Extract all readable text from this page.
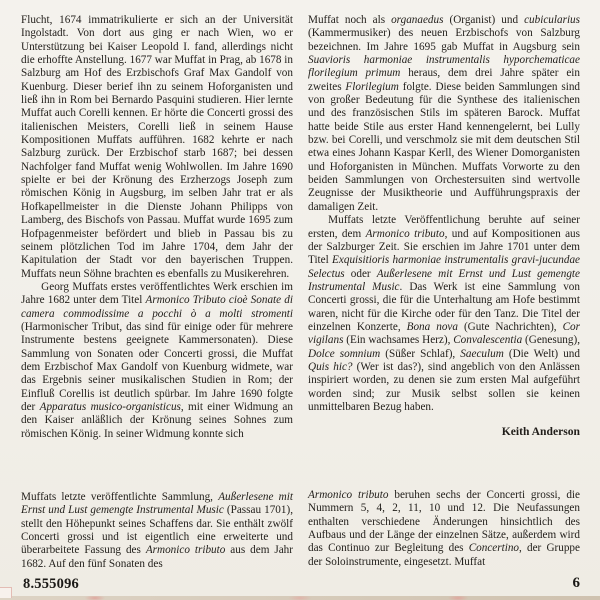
Flucht, 1674 immatrikulierte er sich an der Universität Ingolstadt. Von dort aus ging er nach Wien, wo er Unterstützung bei Kaiser Leopold I. fand, allerdings nicht die erhoffte Anstellung. 1677 war Muffat in Prag, ab 1678 in Salzburg am Hof des Erzbischofs Graf Max Gandolf von Kuenburg. Dieser berief ihn zu seinem Hoforganisten und ließ ihn in Rom bei Bernardo Pasquini studieren. Hier lernte Muffat auch Corelli kennen. Er hörte die Concerti grossi des italienischen Meisters, Corelli ließ in seinem Hause Kompositionen Muffats aufführen. 1682 kehrte er nach Salzburg zurück. Der Erzbischof starb 1687; bei dessen Nachfolger fand Muffat wenig Wohlwollen. Im Jahre 1690 spielte er bei der Krönung des Erzherzogs Joseph zum römischen König in Augsburg, im selben Jahr trat er als Hofkapellmeister in die Dienste Johann Philipps von Lamberg, des Bischofs von Passau. Muffat wurde 1695 zum Hofpagenmeister befördert und blieb in Passau bis zu seinem plötzlichen Tod im Jahre 1704, dem Jahr der Kapitulation der Stadt vor den bayerischen Truppen. Muffats neun Söhne brachten es ebenfalls zu Musikerehren.

Georg Muffats erstes veröffentlichtes Werk erschien im Jahre 1682 unter dem Titel Armonico Tributo cioè Sonate di camera commodissime a pocchi ò a molti stromenti (Harmonischer Tribut, das sind für einige oder für mehrere Instrumente bestens geeignete Kammersonaten). Diese Sammlung von Sonaten oder Concerti grossi, die Muffat dem Erzbischof Max Gandolf von Kuenburg widmete, war das Ergebnis seiner musikalischen Studien in Rom; der Einfluß Corellis ist deutlich spürbar. Im Jahre 1690 folgte der Apparatus musico-organisticus, mit einer Widmung an den Kaiser anläßlich der Krönung seines Sohnes zum römischen König. In seiner Widmung konnte sich

Muffat noch als organaedus (Organist) und cubicularius (Kammermusiker) des neuen Erzbischofs von Salzburg bezeichnen. Im Jahre 1695 gab Muffat in Augsburg sein Suavioris harmoniae instrumentalis hyporchematicae florilegium primum heraus, dem drei Jahre später ein zweites Florilegium folgte. Diese beiden Sammlungen sind von großer Bedeutung für die Synthese des italienischen und des französischen Stils im späteren Barock. Muffat hatte beide Stile aus erster Hand kennengelernt, bei Lully bzw. bei Corelli, und verschmolz sie mit dem deutschen Stil etwa eines Johann Kaspar Kerll, des Wiener Domorganisten und Hoforganisten in München. Muffats Vorworte zu den beiden Sammlungen von Orchestersuiten sind wertvolle Zeugnisse der Musiktheorie und Aufführungspraxis der damaligen Zeit.

Muffats letzte Veröffentlichung beruhte auf seiner ersten, dem Armonico tributo, und auf Kompositionen aus der Salzburger Zeit. Sie erschien im Jahre 1701 unter dem Titel Exquisitioris harmoniae instrumentalis gravi-jucundae Selectus oder Außerlesene mit Ernst und Lust gemengte Instrumental Music. Das Werk ist eine Sammlung von Concerti grossi, die für die Unterhaltung am Hofe bestimmt waren, nicht für die Kirche oder für den Tanz. Die Titel der einzelnen Konzerte, Bona nova (Gute Nachrichten), Cor vigilans (Ein wachsames Herz), Convalescentia (Genesung), Dolce somnium (Süßer Schlaf), Saeculum (Die Welt) und Quis hic? (Wer ist das?), sind angeblich von den Anlässen inspiriert worden, zu denen sie zum ersten Mal aufgeführt worden sind; zur Musik selbst sollen sie keinen unmittelbaren Bezug haben.

Keith Anderson

Muffats letzte veröffentlichte Sammlung, Außerlesene mit Ernst und Lust gemengte Instrumental Music (Passau 1701), stellt den Höhepunkt seines Schaffens dar. Sie enthält zwölf Concerti grossi und ist eigentlich eine erweiterte und überarbeitete Fassung des Armonico tributo aus dem Jahr 1682. Auf den fünf Sonaten des

Armonico tributo beruhen sechs der Concerti grossi, die Nummern 5, 4, 2, 11, 10 und 12. Die Neufassungen enthalten verschiedene Änderungen hinsichtlich des Aufbaus und der Länge der einzelnen Sätze, außerdem wird das Continuo zur Begleitung des Concertino, der Gruppe der Soloinstrumente, eingesetzt. Muffat

8.555096	6
